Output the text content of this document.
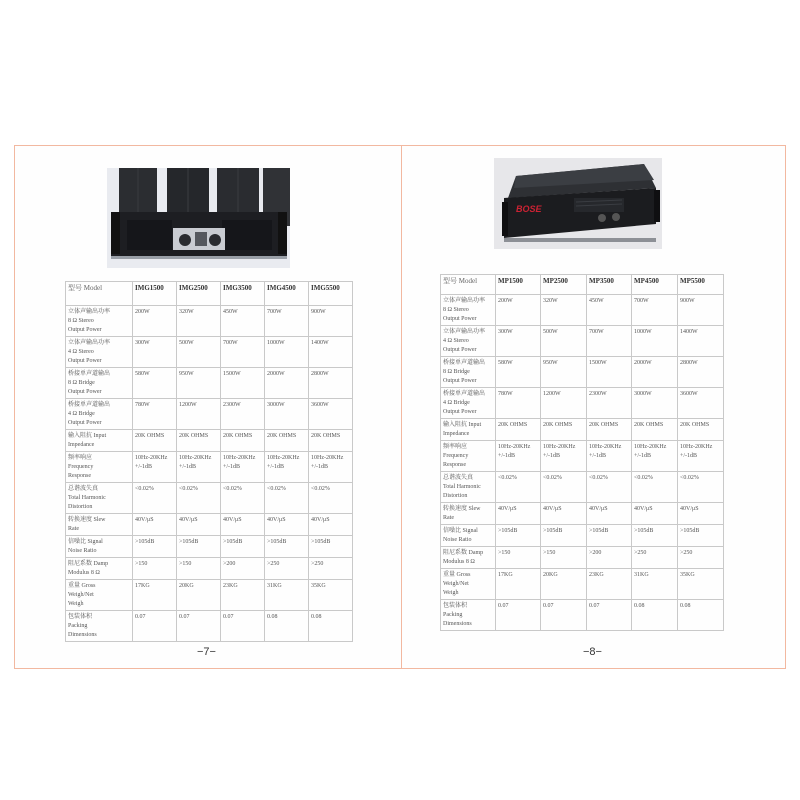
型号 Model	IMG1500	IMG2500	IMG3500	IMG4500	IMG5500

立体声输出功率
8 Ω Stereo
Output Power	200W	320W	450W	700W	900W

立体声输出功率
4 Ω Stereo
Output Power	300W	500W	700W	1000W	1400W

桥接单声道输出
8 Ω Bridge
Output Power	580W	950W	1500W	2000W	2800W

桥接单声道输出
4 Ω Bridge
Output Power	780W	1200W	2300W	3000W	3600W

输入阻抗 Input
Impedance	20K OHMS	20K OHMS	20K OHMS	20K OHMS	20K OHMS

频率响应
Frequency
Response	10Hz-20KHz +/-1dB	10Hz-20KHz +/-1dB	10Hz-20KHz +/-1dB	10Hz-20KHz +/-1dB	10Hz-20KHz +/-1dB

总谐波失真
Total Harmonic
Distortion	<0.02%	<0.02%	<0.02%	<0.02%	<0.02%

转换速度 Slew
Rate	40V/μS	40V/μS	40V/μS	40V/μS	40V/μS

信噪比 Signal
Noise Ratio	>105dB	>105dB	>105dB	>105dB	>105dB

阻尼系数 Damp
Modulus 8 Ω	>150	>150	>200	>250	>250

重量 Gross
Weigh/Net
Weigh	17KG	20KG	23KG	31KG	35KG

包装体积
Packing
Dimensions	0.07	0.07	0.07	0.08	0.08
−7−
BOSE
型号 Model	MP1500	MP2500	MP3500	MP4500	MP5500

立体声输出功率
8 Ω Stereo
Output Power	200W	320W	450W	700W	900W

立体声输出功率
4 Ω Stereo
Output Power	300W	500W	700W	1000W	1400W

桥接单声道输出
8 Ω Bridge
Output Power	580W	950W	1500W	2000W	2800W

桥接单声道输出
4 Ω Bridge
Output Power	780W	1200W	2300W	3000W	3600W

输入阻抗 Input
Impedance	20K OHMS	20K OHMS	20K OHMS	20K OHMS	20K OHMS

频率响应
Frequency
Response	10Hz-20KHz +/-1dB	10Hz-20KHz +/-1dB	10Hz-20KHz +/-1dB	10Hz-20KHz +/-1dB	10Hz-20KHz +/-1dB

总谐波失真
Total Harmonic
Distortion	<0.02%	<0.02%	<0.02%	<0.02%	<0.02%

转换速度 Slew
Rate	40V/μS	40V/μS	40V/μS	40V/μS	40V/μS

信噪比 Signal
Noise Ratio	>105dB	>105dB	>105dB	>105dB	>105dB

阻尼系数 Damp
Modulus 8 Ω	>150	>150	>200	>250	>250

重量 Gross
Weigh/Net
Weigh	17KG	20KG	23KG	31KG	35KG

包装体积
Packing
Dimensions	0.07	0.07	0.07	0.08	0.08
−8−
